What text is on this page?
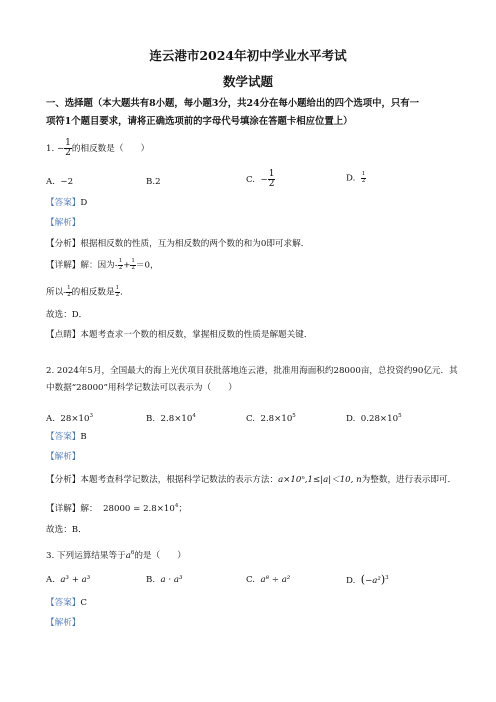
连云港市2024年初中学业水平考试
数学试题
一、选择题（本大题共有8小题，每小题3分，共24分在每小题给出的四个选项中，只有一
项符1个题目要求，请将正确选项前的字母代号填涂在答题卡相应位置上）
1. − $\frac{1}{2}$ 的相反数是（　　）
A. −2	B.2	C. − $\frac{1}{2}$	D. $\frac{1}{2}$
【答案】D
【解析】
【分析】根据相反数的性质，互为相反数的两个数的和为0即可求解．
【详解】解：因为- $\frac{1}{2} + \frac{1}{2} =0$，
所以- $\frac{1}{2}$ 的相反数是 $\frac{1}{2}$ ．
故选：D．
【点睛】本题考查求一个数的相反数，掌握相反数的性质是解题关键．
2. 2024年5月，全国最大的海上光伏项目获批落地连云港，批准用海面积约28000亩，总投资约90亿元．其
中数据“28000”用科学记数法可以表示为（　　）
A. $28\times 10^3$	B. $2.8\times 10^4$	C. $2.8\times 10^5$	D. $0.28\times 10^5$
【答案】B
【解析】
【分析】本题考查科学记数法，根据科学记数法的表示方法：a×10ⁿ,1≤|a|＜10, n为整数，进行表示即可．
【详解】解： $28000 = 2.8\times 10^4$；
故选：B．
3. 下列运算结果等于$a^6$的是（　　）
A. a³ + a³	B. a · a³	C. a⁸ ÷ a²	D. $(-a^2)^3$
【答案】C
【解析】
